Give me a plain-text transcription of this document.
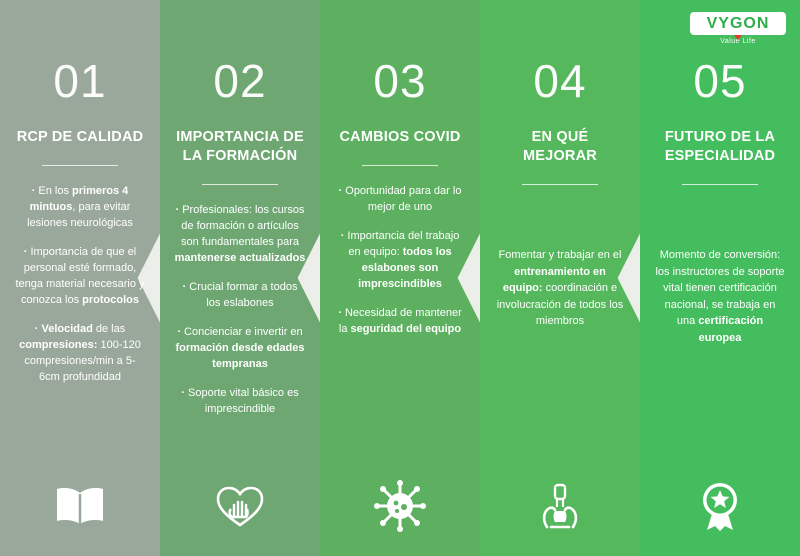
01
RCP DE CALIDAD
· En los primeros 4 mintuos, para evitar lesiones neurológicas
· Importancia de que el personal esté formado, tenga material necesario y conozca los protocolos
· Velocidad de las compresiones: 100-120 compresiones/min a 5-6cm profundidad
02
IMPORTANCIA DE LA FORMACIÓN
· Profesionales: los cursos de formación o artículos son fundamentales para mantenerse actualizados
· Crucial formar a todos los eslabones
· Concienciar e invertir en formación desde edades tempranas
· Soporte vital básico es imprescindible
03
CAMBIOS COVID
· Oportunidad para dar lo mejor de uno
· Importancia del trabajo en equipo: todos los eslabones son imprescindibles
· Necesidad de mantener la seguridad del equipo
04
EN QUÉ MEJORAR
Fomentar y trabajar en el entrenamiento en equipo: coordinación e involucración de todos los miembros
05
FUTURO DE LA ESPECIALIDAD
Momento de conversión: los instructores de soporte vital tienen certificación nacional, se trabaja en una certificación europea
VYGON
Value Life
